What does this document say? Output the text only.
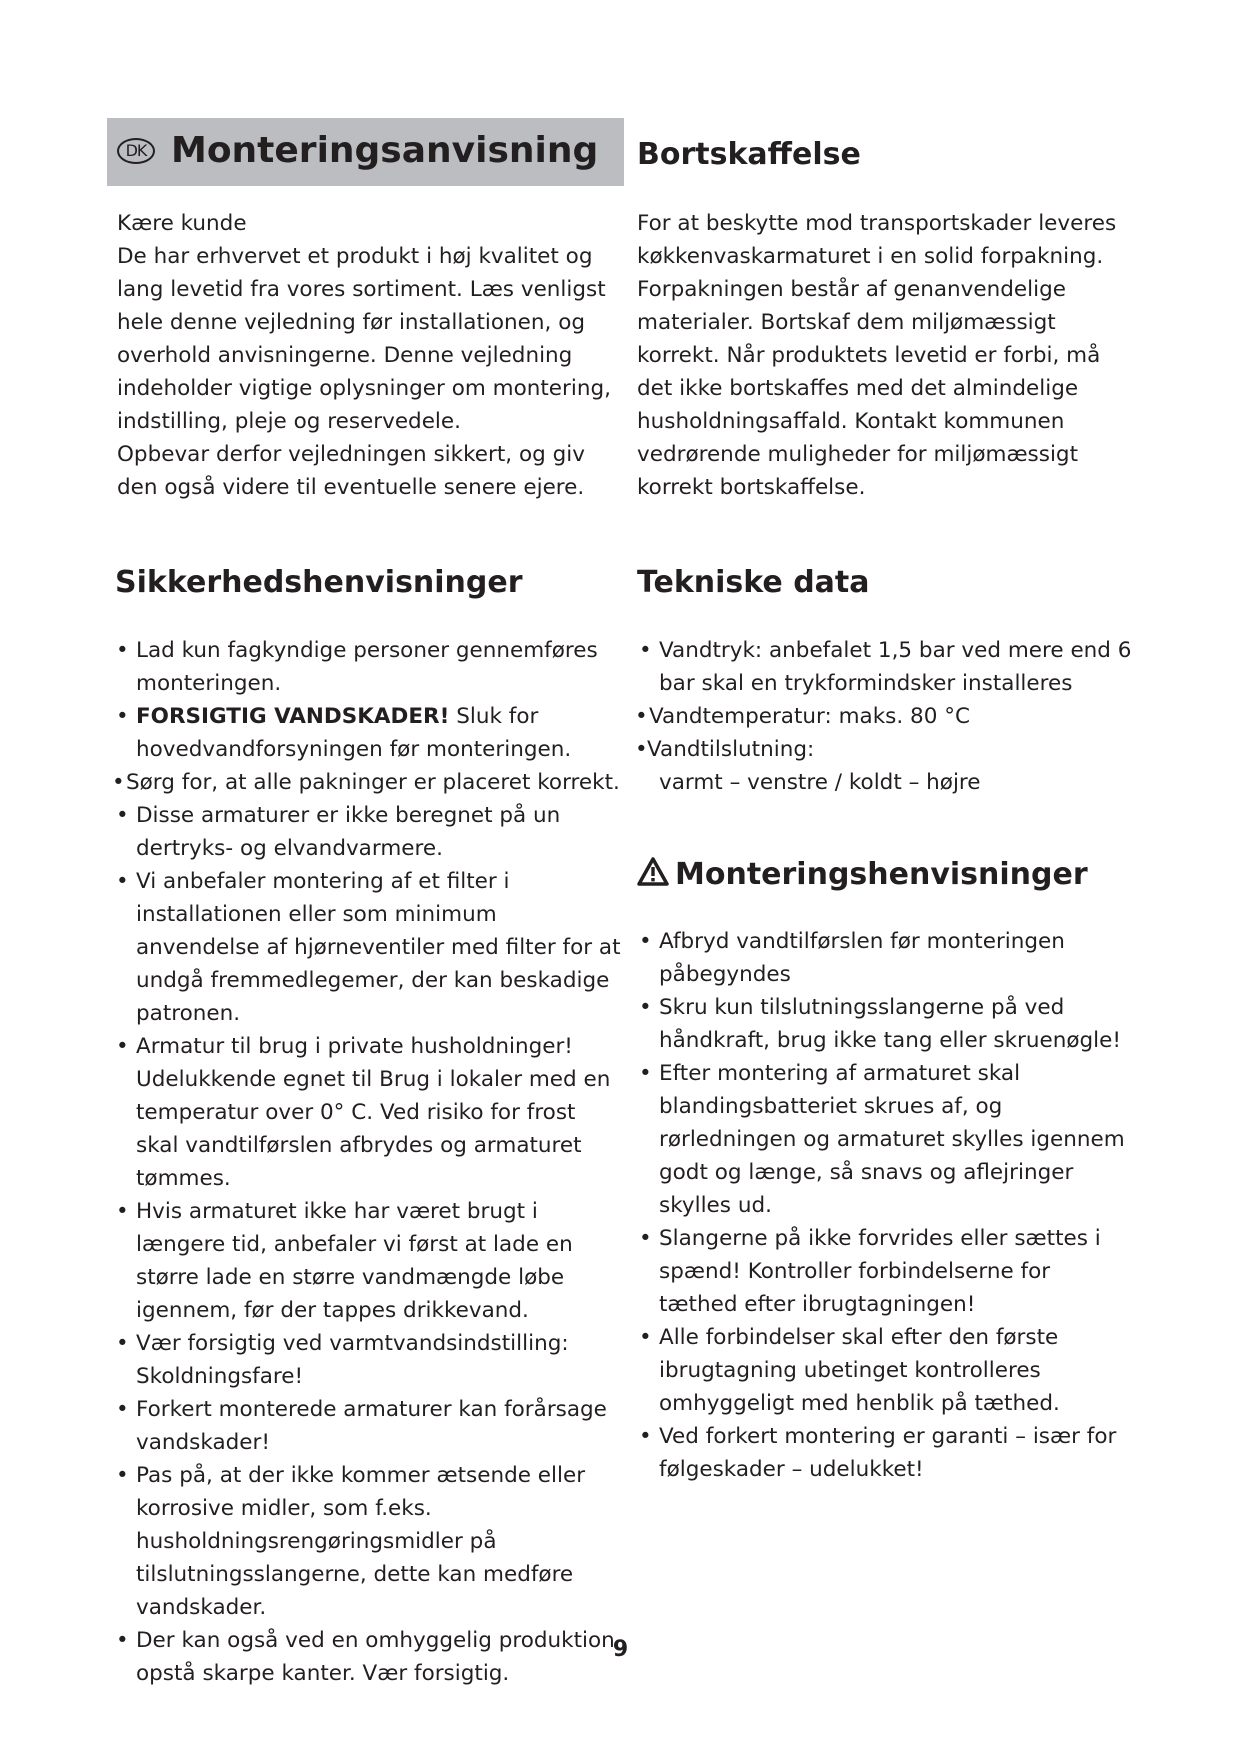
DK Monteringsanvisning

Kære kunde

De har erhvervet et produkt i høj kvalitet og lang levetid fra vores sortiment. Læs venligst hele denne vejledning før installationen, og overhold anvisningerne. Denne vejledning indeholder vigtige oplysninger om montering, indstilling, pleje og reservedele.

Opbevar derfor vejledningen sikkert, og giv den også videre til eventuelle senere ejere.

Bortskaffelse

For at beskytte mod transportskader leveres køkkenvaskarmaturet i en solid forpakning. Forpakningen består af genanvendelige materialer. Bortskaf dem miljømæssigt korrekt. Når produktets levetid er forbi, må det ikke bortskaffes med det almindelige husholdningsaffald. Kontakt kommunen vedrørende muligheder for miljømæssigt korrekt bortskaffelse.

Sikkerhedshenvisninger
• Lad kun fagkyndige personer gennemføres monteringen.
• FORSIGTIG VANDSKADER! Sluk for hovedvandforsyningen før monteringen.
• Sørg for, at alle pakninger er placeret korrekt.
• Disse armaturer er ikke beregnet på un dertryks- og elvandvarmere.
• Vi anbefaler montering af et filter i installationen eller som minimum anvendelse af hjørneventiler med filter for at undgå fremmedlegemer, der kan beskadige patronen.
• Armatur til brug i private husholdninger! Udelukkende egnet til Brug i lokaler med en temperatur over 0° C. Ved risiko for frost skal vandtilførslen afbrydes og armaturet tømmes.
• Hvis armaturet ikke har været brugt i længere tid, anbefaler vi først at lade en større lade en større vandmængde løbe igennem, før der tappes drikkevand.
• Vær forsigtig ved varmtvandsindstilling: Skoldningsfare!
• Forkert monterede armaturer kan forårsage vandskader!
• Pas på, at der ikke kommer ætsende eller korrosive midler, som f.eks. husholdningsrengøringsmidler på tilslutningsslangerne, dette kan medføre vandskader.
• Der kan også ved en omhyggelig produktion opstå skarpe kanter. Vær forsigtig.
Tekniske data
• Vandtryk: anbefalet 1,5 bar ved mere end 6 bar skal en trykformindsker installeres
• Vandtemperatur: maks. 80 °C
• Vandtilslutning:
varmt – venstre / koldt – højre
Monteringshenvisninger
• Afbryd vandtilførslen før monteringen påbegyndes
• Skru kun tilslutningsslangerne på ved håndkraft, brug ikke tang eller skruenøgle!
• Efter montering af armaturet skal blandingsbatteriet skrues af, og rørledningen og armaturet skylles igennem godt og længe, så snavs og aflejringer skylles ud.
• Slangerne på ikke forvrides eller sættes i spænd! Kontroller forbindelserne for tæthed efter ibrugtagningen!
• Alle forbindelser skal efter den første ibrugtagning ubetinget kontrolleres omhyggeligt med henblik på tæthed.
• Ved forkert montering er garanti – især for følgeskader – udelukket!
9
